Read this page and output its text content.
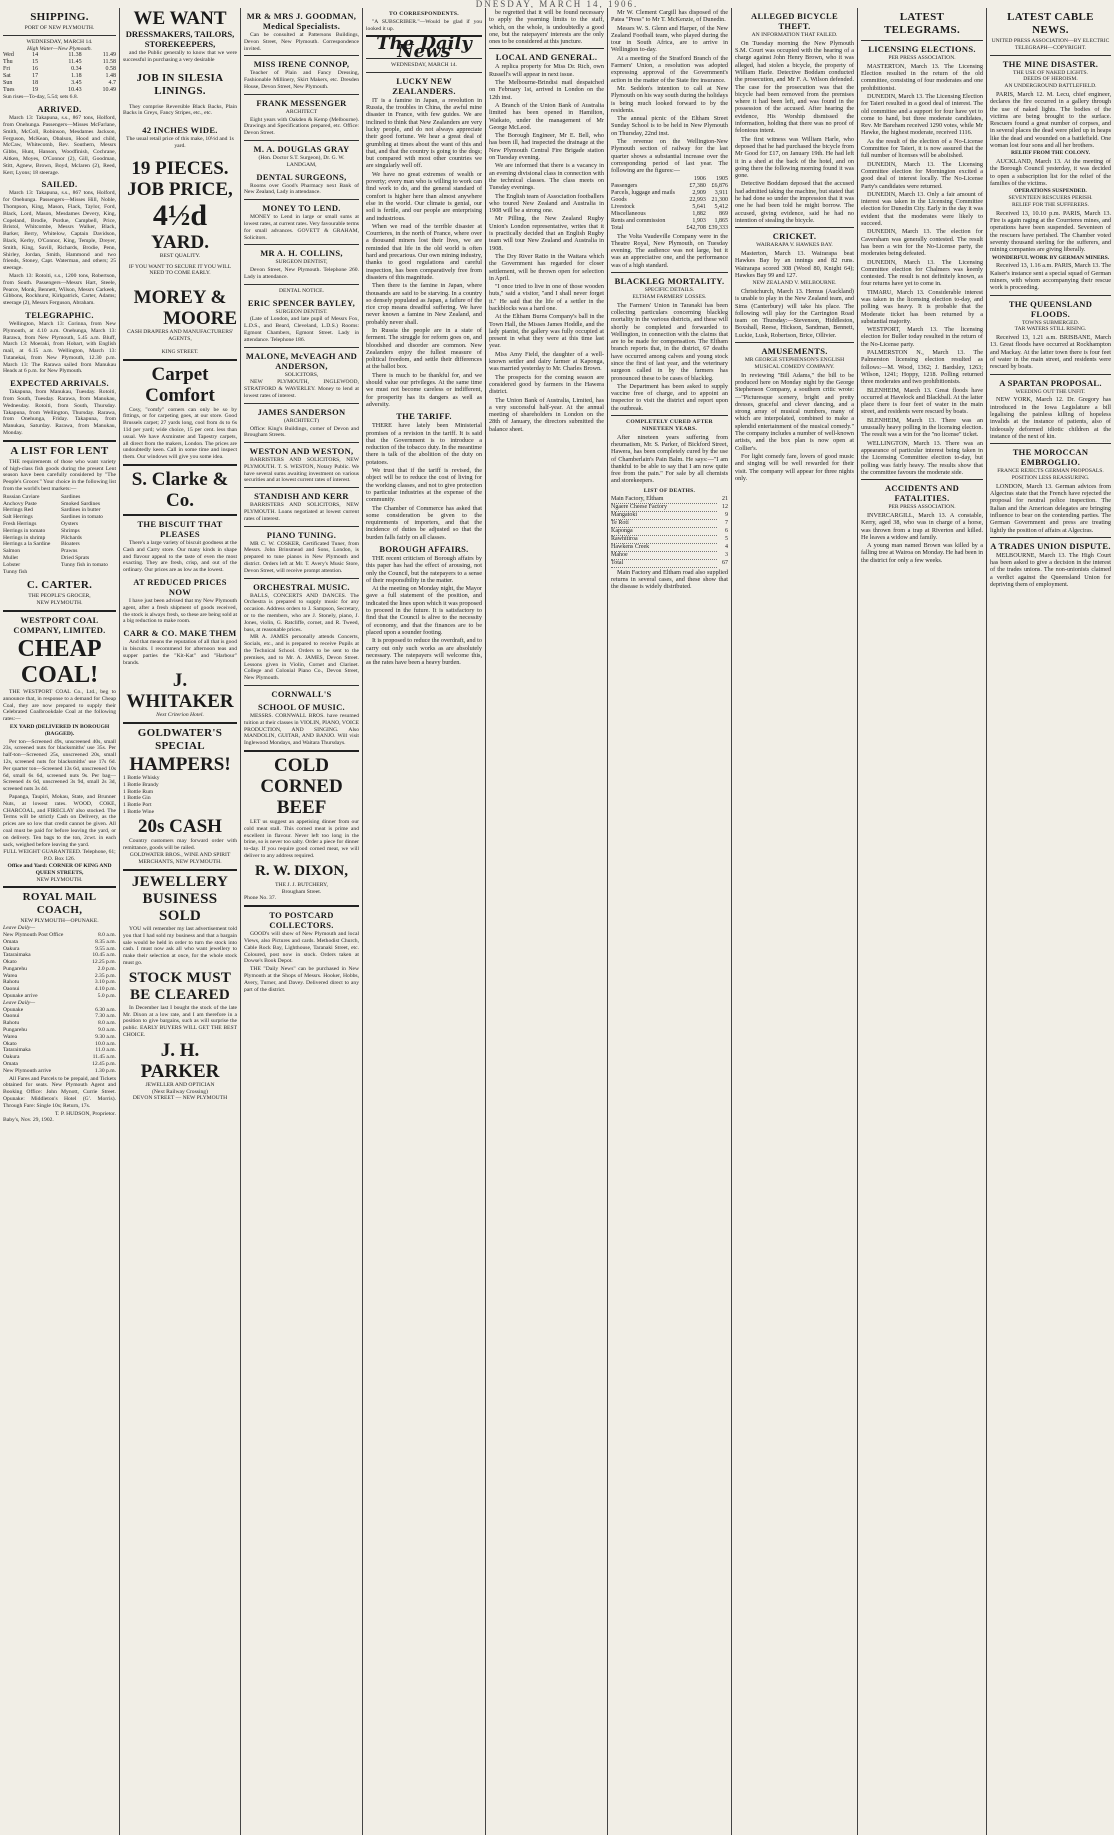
DNESDAY, MARCH 14, 1906.
SHIPPING.
PORT OF NEW PLYMOUTH.
WEDNESDAY, MARCH 14.
High Water—New Plymouth.
Wed	14	11.38	11.49
Thu	15	11.45	11.58
Fri	16	0.34	0.58
Sat	17	1.18	1.48
Sun	18	3.45	4.7
Tues	19	10.43	10.49
Sun rises—To-day, 5.54; sets 6.8.
ARRIVED.

March 13: Takapuna, s.s., 867 tons, Holford, from Onehunga. Passengers—Misses McFarlane, Smith, McColl, Robinson, Mesdames Jackson, Ferguson, McKean, Obalson, Hood and child, McCaw, Whitecomb, Rev. Southern, Messrs Gibbs, Hunt, Hanson, Woodfinish, Cochrane, Aitken, Moyes, O'Connor (2), Gill, Goodman, Stitt, Agnew, Brown, Boyd, Mclaren (2), Reed, Kerr, Lyons; 18 steerage.

SAILED.

March 13: Takapuna, s.s., 867 tons, Holford, for Onehunga. Passengers—Misses Hill, Noble, Thompson, King, Mason, Flack, Taylor, Ford, Black, Lord, Mason, Mesdames Devery, King, Copeland, Brodie, Purdue, Campbell, Price, Bristol, Whitcombe, Messrs Walker, Black, Barker, Berry, Whitelow, Captain Davidson, Black, Kerby, O'Connor, King, Temple, Dreyer, Smith, King, Savill, Richards, Brodie, Penn, Shirley, Jordan, Smith, Hammond and two friends, Stoney, Capt. Waterman, and others; 25 steerage.

March 13: Rotoiti, s.s., 1200 tons, Robertson, from South. Passengers—Messrs Hart, Steele, Pearce, Monk, Bennett, Wilson, Messrs Carkeek, Gibbons, Rockhurst, Kirkpatrick, Carter, Adams; steerage (2), Messrs Ferguson, Abraham.

TELEGRAPHIC.

Wellington, March 13: Corinna, from New Plymouth, at 4.10 a.m. Onehunga, March 13: Rarawa, from New Plymouth, 5.45 a.m. Bluff, March 13: Moeraki, from Hobart, with English mail, at 6.15 a.m. Wellington, March 13: Tutanekai, from New Plymouth, 12.30 p.m. March 13: The Rarawa sailed from Manukau Heads at 6 p.m. for New Plymouth.

EXPECTED ARRIVALS.

Takapuna, from Manukau, Tuesday. Rotoiti, from South, Tuesday. Rarawa, from Manukau, Wednesday. Rotoiti, from South, Thursday. Takapuna, from Wellington, Thursday. Rarawa, from Onehunga, Friday. Takapuna, from Manukau, Saturday. Rarawa, from Manukau, Monday.

A LIST FOR LENT

THE requirements of those who want variety of high-class fish goods during the present Lent season have been carefully considered by "The People's Grocer." Your choice in the following list from the world's best markets:—

Russian Caviare
Anchovy Paste
Herrings Red
Salt Herrings
Fresh Herrings
Herrings in tomato
Herrings in shrimp
Herrings a la Sardine
Salmon
Mullet
Lobster
Tunny fish
Sardines
Smoked Sardines
Sardines in butter
Sardines in tomato
Oysters
Shrimps
Pilchards
Bloaters
Prawns
Dried Sprats
Tunny fish in tomato
C. CARTER.
THE PEOPLE'S GROCER,
NEW PLYMOUTH.
WESTPORT COAL COMPANY, LIMITED.
CHEAP COAL!

THE WESTPORT COAL Co., Ltd., beg to announce that, in response to a demand for Cheap Coal, they are now prepared to supply their Celebrated Coalbrookdale Coal at the following rates:—

EX YARD (DELIVERED IN BOROUGH (BAGGED).

Per ton—Screened 49s, unscreened 40s, small 23s, screened nuts for blacksmiths' use 35s. Per half-ton—Screened 25s, unscreened 20s, small 12s, screened nuts for blacksmiths' use 17s 6d. Per quarter ton—Screened 13s 6d, unscreened 10s 6d, small 6s 6d, screened nuts 9s. Per bag—Screened 4s 6d, unscreened 3s 9d, small 2s 3d, screened nuts 3s 4d.

Papanga, Taupiri, Mokau, State, and Brunner Nuts, at lowest rates. WOOD, COKE, CHARCOAL, and FIRECLAY also stocked. The Terms will be strictly Cash on Delivery, as the prices are so low that credit cannot be given. All coal must be paid for before leaving the yard, or on delivery. Ten bags to the ton, 2cwt. in each sack, weighed before leaving the yard.

FULL WEIGHT GUARANTEED. Telephone, 61; P.O. Box 126.
Office and Yard: CORNER OF KING AND QUEEN STREETS,
NEW PLYMOUTH.
ROYAL MAIL COACH,
NEW PLYMOUTH—OPUNAKE.
Leave Daily—
New Plymouth Post Office	8.0 a.m.
Omata	8.35 a.m.
Oakura	9.55 a.m.
Tataraimaka	10.45 a.m.
Okato	12.25 p.m.
Pungarehu	2.0 p.m.
Warea	2.35 p.m.
Rahotu	3.10 p.m.
Oaonui	4.10 p.m.
Opunake arrive	5.0 p.m.
Leave Daily—
Opunake	6.30 a.m.
Oaonui	7.30 a.m.
Rahotu	8.0 a.m.
Pungarehu	9.0 a.m.
Warea	9.30 a.m.
Okato	10.0 a.m.
Tataraimaka	11.0 a.m.
Oakura	11.45 a.m.
Omata	12.45 p.m.
New Plymouth arrive	1.30 p.m.

All Fares and Parcels to be prepaid, and Tickets obtained for seats. New Plymouth Agent and Booking Office: John Mynott, Currie Street. Opunake: Middleton's Hotel (G'. Morris). Through Fare: Single 10s; Return, 17s.

T. P. HUDSON, Proprietor.
Baby's, Nov. 29, 1902.
WE WANT
DRESSMAKERS, TAILORS, STOREKEEPERS,

and the Public generally to know that we were successful in purchasing a very desirable

JOB IN SILESIA LININGS.

They comprise Reversible Black Backs, Plain Backs in Greys, Fancy Stripes, etc., etc.

42 INCHES WIDE.
The usual retail price of this make, 10½d and 1s yard.
19 PIECES.
JOB PRICE,
4½d
YARD.
BEST QUALITY.
IF YOU WANT TO SECURE IT YOU WILL NEED TO COME EARLY.
MOREY &
MOORE
CASH DRAPERS AND MANUFACTURERS' AGENTS,
KING STREET.
Carpet Comfort

Cosy, "comfy" corners can only be so by fittings, or for carpeting goes, at our store. Good Brussels carpet; 27 yards long, cool from 4s to 6s 11d per yard; wide choice, 15 per cent. less than usual. We have Axminster and Tapestry carpets, all direct from the makers, London. The prices are undoubtedly keen. Call in some time and inspect them. Our windows will give you some idea.

S. Clarke & Co.
THE BISCUIT THAT PLEASES

There's a large variety of biscuit goodness at the Cash and Carry store. Our many kinds in shape and flavour appeal to the taste of even the most exacting. They are fresh, crisp, and out of the ordinary. Our prices are as low as the lowest.

AT REDUCED PRICES NOW

I have just been advised that my New Plymouth agent, after a fresh shipment of goods received, the stock is always fresh, so these are being sold at a big reduction to make room.

CARR & CO. MAKE THEM

And that means the reputation of all that is good in biscuits. I recommend for afternoon teas and supper parties the "Kit-Kat" and "Harbour" brands.

J. WHITAKER
Next Criterion Hotel.
GOLDWATER'S SPECIAL
HAMPERS!
1 Bottle Whisky
1 Bottle Brandy
1 Bottle Rum
1 Bottle Gin
1 Bottle Port
1 Bottle Wine
20s CASH

Country customers may forward order with remittance, goods will be railed.

GOLDWATER BROS., WINE AND SPIRIT MERCHANTS, NEW PLYMOUTH.
JEWELLERY BUSINESS SOLD

YOU will remember my last advertisement told you that I had sold my business and that a bargain sale would be held in order to turn the stock into cash. I must now ask all who want jewellery to make their selection at once, for the whole stock must go.

STOCK MUST BE CLEARED

In December last I bought the stock of the late Mr. Dixon at a low rate, and I am therefore in a position to give bargains, such as will surprise the public. EARLY BUYERS WILL GET THE BEST CHOICE.

J. H. PARKER
JEWELLER AND OPTICIAN
(Next Railway Crossing)
DEVON STREET — NEW PLYMOUTH
MR & MRS J. GOODMAN, Medical Specialists.

Can be consulted at Pattersons Buildings, Devon Street, New Plymouth. Correspondence invited.

MISS IRENE CONNOP,

Teacher of Plain and Fancy Dressing, Fashionable Millinery, Skirt Makers, etc. Dresden House, Devon Street, New Plymouth.

FRANK MESSENGER
ARCHITECT

Eight years with Oakden & Kemp (Melbourne). Drawings and Specifications prepared, etc. Office: Devon Street.

M. A. DOUGLAS GRAY
(Hon. Doctor S.T. Surgeon), Dr. G. W. LANDGAM,
DENTAL SURGEONS,

Rooms over Good's Pharmacy next Bank of New Zealand, Lady in attendance.

MONEY TO LEND.

MONEY to Lend in large or small sums at lowest rates, at current rates. Very favourable terms for small advances. GOVETT & GRAHAM, Solicitors.

MR A. H. COLLINS,
SURGEON DENTIST,

Devon Street, New Plymouth. Telephone 260. Lady in attendance.

DENTAL NOTICE.
ERIC SPENCER BAYLEY,
SURGEON DENTIST.

(Late of London, and late pupil of Messrs Fox, L.D.S., and Beard, Cleveland, L.D.S.) Rooms: Egmont Chambers, Egmont Street. Lady in attendance. Telephone 186.

MALONE, McVEAGH AND ANDERSON,
SOLICITORS,

NEW PLYMOUTH, INGLEWOOD, STRATFORD & WAVERLEY. Money to lend at lowest rates of interest.

JAMES SANDERSON
(ARCHITECT)

Office: King's Buildings, corner of Devon and Brougham Streets.

WESTON AND WESTON,

BARRISTERS AND SOLICITORS, NEW PLYMOUTH. T. S. WESTON, Notary Public. We have several sums awaiting investment on various securities and at lowest current rates of interest.

STANDISH AND KERR

BARRISTERS AND SOLICITORS, NEW PLYMOUTH. Loans negotiated at lowest current rates of interest.

PIANO TUNING.

MR C. W. COSKER, Certificated Tuner, from Messrs. John Brinsmead and Sons, London, is prepared to tune pianos in New Plymouth and district. Orders left at Mr. T. Avery's Music Store, Devon Street, will receive prompt attention.

ORCHESTRAL MUSIC.

BALLS, CONCERTS AND DANCES. The Orchestra is prepared to supply music for any occasion. Address orders to J. Sampson, Secretary, or to the members, who are J. Stonely, piano, J. Jones, violin, G. Ratcliffe, cornet, and R. Tweed, bass, at reasonable prices.

MR A. JAMES personally attends Concerts, Socials, etc., and is prepared to receive Pupils at the Technical School. Orders to be sent to the premises, and to Mr. A. JAMES, Devon Street. Lessons given in Violin, Cornet and Clarinet. College and Colonial Piano Co., Devon Street, New Plymouth.

CORNWALL'S
SCHOOL OF MUSIC.

MESSRS. CORNWALL BROS. have resumed tuition at their classes in VIOLIN, PIANO, VOICE PRODUCTION, AND SINGING. Also MANDOLIN, GUITAR, AND BANJO. Will visit Inglewood Mondays, and Waitara Thursdays.

COLD
CORNED BEEF

LET us suggest an appetising dinner from our cold meat stall. This corned meat is prime and excellent in flavour. Never left too long in the brine, so is never too salty. Order a piece for dinner to-day. If you require good corned meat, we will deliver to any address required.

R. W. DIXON,
THE J. J. BUTCHERY,
Brougham Street.
Phone No. 37.
TO POSTCARD COLLECTORS.

GOOD's will show of New Plymouth and local Views, also Pictures and cards. Methodist Church, Cable Rock Bay, Lighthouse, Taranaki Street, etc. Coloured, post now in stock. Orders taken at Dowse's Book Depot.

THE "Daily News" can be purchased in New Plymouth at the Shops of Messrs. Hooker, Hobbs, Avery, Turner, and Davey. Delivered direct to any part of the district.

TO CORRESPONDENTS.

"A SUBSCRIBER."—Would be glad if you looked it up.

The Daily News
WEDNESDAY, MARCH 14.
LUCKY NEW ZEALANDERS.

IT is a famine in Japan, a revolution in Russia, the troubles in China, the awful mine disaster in France, with few guides. We are inclined to think that New Zealanders are very lucky people, and do not always appreciate their good fortune. We hear a great deal of grumbling at times about the want of this and that, and that the country is going to the dogs; but compared with most other countries we are singularly well off.

We have no great extremes of wealth or poverty; every man who is willing to work can find work to do, and the general standard of comfort is higher here than almost anywhere else in the world. Our climate is genial, our soil is fertile, and our people are enterprising and industrious.

When we read of the terrible disaster at Courrieres, in the north of France, where over a thousand miners lost their lives, we are reminded that life in the old world is often hard and precarious. Our own mining industry, thanks to good regulations and careful inspection, has been comparatively free from disasters of this magnitude.

Then there is the famine in Japan, where thousands are said to be starving. In a country so densely populated as Japan, a failure of the rice crop means dreadful suffering. We have never known a famine in New Zealand, and probably never shall.

In Russia the people are in a state of ferment. The struggle for reform goes on, and bloodshed and disorder are common. New Zealanders enjoy the fullest measure of political freedom, and settle their differences at the ballot box.

There is much to be thankful for, and we should value our privileges. At the same time we must not become careless or indifferent, for prosperity has its dangers as well as adversity.

THE TARIFF.

THERE have lately been Ministerial promises of a revision in the tariff. It is said that the Government is to introduce a reduction of the tobacco duty. In the meantime there is talk of the abolition of the duty on potatoes.

We trust that if the tariff is revised, the object will be to reduce the cost of living for the working classes, and not to give protection to particular industries at the expense of the community.

The Chamber of Commerce has asked that some consideration be given to the requirements of importers, and that the incidence of duties be adjusted so that the burden falls fairly on all classes.

BOROUGH AFFAIRS.

THE recent criticism of Borough affairs by this paper has had the effect of arousing, not only the Council, but the ratepayers to a sense of their responsibility in the matter.

At the meeting on Monday night, the Mayor gave a full statement of the position, and indicated the lines upon which it was proposed to proceed in the future. It is satisfactory to find that the Council is alive to the necessity of economy, and that the finances are to be placed upon a sounder footing.

It is proposed to reduce the overdraft, and to carry out only such works as are absolutely necessary. The ratepayers will welcome this, as the rates have been a heavy burden.

be regretted that it will be found necessary to apply the yearning limits to the staff, which, on the whole, is undoubtedly a good one, but the ratepayers' interests are the only ones to be considered at this juncture.

LOCAL AND GENERAL.

A replica property for Miss Dr. Rich, own Russell's will appear in next issue.

The Melbourne-Brindisi mail despatched on February 1st, arrived in London on the 12th inst.

A Branch of the Union Bank of Australia limited has been opened in Hamilton, Waikato, under the management of Mr George McLeod.

The Borough Engineer, Mr E. Bell, who has been ill, had inspected the drainage at the New Plymouth Central Fire Brigade station on Tuesday evening.

We are informed that there is a vacancy in an evening divisional class in connection with the technical classes. The class meets on Tuesday evenings.

The English team of Association footballers who toured New Zealand and Australia in 1908 will be a strong one.

Mr Pilling, the New Zealand Rugby Union's London representative, writes that it is practically decided that an English Rugby team will tour New Zealand and Australia in 1908.

The Dry River Ratio in the Waitara which the Government has regarded for closer settlement, will be thrown open for selection in April.

"I once tried to live in one of those wooden huts," said a visitor, "and I shall never forget it." He said that the life of a settler in the backblocks was a hard one.

At the Eltham Burns Company's ball in the Town Hall, the Misses James Hoddle, and the lady pianist, the gallery was fully occupied at present in what they were at this time last year.

Miss Amy Field, the daughter of a well-known settler and dairy farmer at Kaponga, was married yesterday to Mr. Charles Brown.

The prospects for the coming season are considered good by farmers in the Hawera district.

The Union Bank of Australia, Limited, has a very successful half-year. At the annual meeting of shareholders in London on the 28th of January, the directors submitted the balance sheet.

Mr W. Clement Cargill has disposed of the Patea "Press" to Mr T. McKenzie, of Dunedin.

Messrs W. S. Glenn and Harper, of the New Zealand Football team, who played during the tour in South Africa, are to arrive in Wellington to-day.

At a meeting of the Stratford Branch of the Farmers' Union, a resolution was adopted expressing approval of the Government's action in the matter of the State fire insurance.

Mr. Seddon's intention to call at New Plymouth on his way south during the holidays is being much looked forward to by the residents.

The annual picnic of the Eltham Street Sunday School is to be held in New Plymouth on Thursday, 22nd inst.

The revenue on the Wellington-New Plymouth section of railway for the last quarter shows a substantial increase over the corresponding period of last year. The following are the figures:—

	1906	1905
Passengers	£7,380	£6,876
Parcels, luggage and mails	2,909	3,911
Goods	22,993	21,300
Livestock	5,641	5,412
Miscellaneous	1,882	869
Rents and commission	1,903	1,865
Total	£42,708	£39,333

The Volta Vaudeville Company were in the Theatre Royal, New Plymouth, on Tuesday evening. The audience was not large, but it was an appreciative one, and the performance was of a high standard.

BLACKLEG MORTALITY.
SPECIFIC DETAILS.
ELTHAM FARMERS' LOSSES.

The Farmers' Union in Taranaki has been collecting particulars concerning blackleg mortality in the various districts, and these will shortly be completed and forwarded to Wellington, in connection with the claims that are to be made for compensation. The Eltham branch reports that, in the district, 67 deaths have occurred among calves and young stock since the first of last year, and the veterinary surgeon called in by the farmers has pronounced these to be cases of blackleg.

The Department has been asked to supply vaccine free of charge, and to appoint an inspector to visit the district and report upon the outbreak.

COMPLETELY CURED AFTER NINETEEN YEARS.

After nineteen years suffering from rheumatism, Mr. S. Parker, of Bickford Street, Hawera, has been completely cured by the use of Chamberlain's Pain Balm. He says:—"I am thankful to be able to say that I am now quite free from the pain." For sale by all chemists and storekeepers.

LIST OF DEATHS.
Main Factory, Eltham	21
Ngaere Cheese Factory	12
Mangatoki	9
Te Roti	7
Kaponga	6
Rawhitiroa	5
Hawkens Creek	4
Mahoe	3
Total	67

Main Factory and Eltham road also supplied returns in several cases, and these show that the disease is widely distributed.

ALLEGED BICYCLE THEFT.
AN INFORMATION THAT FAILED.

On Tuesday morning the New Plymouth S.M. Court was occupied with the hearing of a charge against John Henry Brown, who it was alleged, had stolen a bicycle, the property of William Harle. Detective Boddam conducted the prosecution, and Mr F. A. Wilson defended. The case for the prosecution was that the bicycle had been removed from the premises where it had been left, and was found in the possession of the accused. After hearing the evidence, His Worship dismissed the information, holding that there was no proof of felonious intent.

The first witness was William Harle, who deposed that he had purchased the bicycle from Mr Good for £17, on January 19th. He had left it in a shed at the back of the hotel, and on going there the following morning found it was gone.

Detective Boddam deposed that the accused had admitted taking the machine, but stated that he had done so under the impression that it was one he had been told he might borrow. The accused, giving evidence, said he had no intention of stealing the bicycle.

CRICKET.
WAIRARAPA V. HAWKES BAY.

Masterton, March 13. Wairarapa beat Hawkes Bay by an innings and 82 runs. Wairarapa scored 308 (Wood 80, Knight 64); Hawkes Bay 99 and 127.

NEW ZEALAND V. MELBOURNE.

Christchurch, March 13. Hemus (Auckland) is unable to play in the New Zealand team, and Sims (Canterbury) will take his place. The following will play for the Carrington Road team on Thursday:—Stevenson, Hiddleston, Boxshall, Reese, Hickson, Sandman, Bennett, Luckie, Lusk, Robertson, Brice, Ollivier.

AMUSEMENTS.
MR GEORGE STEPHENSON'S ENGLISH MUSICAL COMEDY COMPANY.

In reviewing "Bill Adams," the bill to be produced here on Monday night by the George Stephenson Company, a southern critic wrote:—"Picturesque scenery, bright and pretty dresses, graceful and clever dancing, and a strong array of musical numbers, many of which are interpolated, combined to make a splendid entertainment of the musical comedy." The company includes a number of well-known artists, and the box plan is now open at Collier's.

For light comedy fare, lovers of good music and singing will be well rewarded for their visit. The company will appear for three nights only.

LATEST TELEGRAMS.
LICENSING ELECTIONS.
PER PRESS ASSOCIATION.

MASTERTON, March 13. The Licensing Election resulted in the return of the old committee, consisting of four moderates and one prohibitionist.

DUNEDIN, March 13. The Licensing Election for Taieri resulted in a good deal of interest. The old committee and a support for four have yet to come to hand, but three moderate candidates, Rev. Mr Bareham received 1290 votes, while Mr Hawke, the highest moderate, received 1116.

As the result of the election of a No-License Committee for Taieri, it is now assured that the full number of licenses will be abolished.

DUNEDIN, March 13. The Licensing Committee election for Mornington excited a good deal of interest locally. The No-License Party's candidates were returned.

DUNEDIN, March 13. Only a fair amount of interest was taken in the Licensing Committee election for Dunedin City. Early in the day it was evident that the moderates were likely to succeed.

DUNEDIN, March 13. The election for Caversham was generally contested. The result has been a win for the No-License party, the moderates being defeated.

DUNEDIN, March 13. The Licensing Committee election for Chalmers was keenly contested. The result is not definitely known, as four returns have yet to come in.

TIMARU, March 13. Considerable interest was taken in the licensing election to-day, and polling was heavy. It is probable that the Moderate ticket has been returned by a substantial majority.

WESTPORT, March 13. The licensing election for Buller today resulted in the return of the No-License party.

PALMERSTON N., March 13. The Palmerston licensing election resulted as follows:—M. Wood, 1362; J. Bardsley, 1263; Wilson, 1241; Hoppy, 1218. Polling returned three moderates and two prohibitionists.

BLENHEIM, March 13. Great floods have occurred at Havelock and Blackball. At the latter place there is four feet of water in the main street, and residents were rescued by boats.

BLENHEIM, March 13. There was an unusually heavy polling in the licensing election. The result was a win for the "no license" ticket.

WELLINGTON, March 13. There was an appearance of particular interest being taken in the Licensing Committee election to-day, but polling was fairly heavy. The results show that the committee favours the moderate side.

ACCIDENTS AND FATALITIES.
PER PRESS ASSOCIATION.

INVERCARGILL, March 13. A constable, Kerry, aged 38, who was in charge of a horse, was thrown from a trap at Riverton and killed. He leaves a widow and family.

A young man named Brown was killed by a falling tree at Wairoa on Monday. He had been in the district for only a few weeks.

LATEST CABLE NEWS.
UNITED PRESS ASSOCIATION—BY ELECTRIC TELEGRAPH—COPYRIGHT.
THE MINE DISASTER.
THE USE OF NAKED LIGHTS.
DEEDS OF HEROISM.
AN UNDERGROUND BATTLEFIELD.

PARIS, March 12. M. Lecu, chief engineer, declares the fire occurred in a gallery through the use of naked lights. The bodies of the victims are being brought to the surface. Rescuers found a great number of corpses, and in several places the dead were piled up in heaps like the dead and wounded on a battlefield. One woman lost four sons and all her brothers.

RELIEF FROM THE COLONY.

AUCKLAND, March 13. At the meeting of the Borough Council yesterday, it was decided to open a subscription list for the relief of the families of the victims.

OPERATIONS SUSPENDED.
SEVENTEEN RESCUERS PERISH.
RELIEF FOR THE SUFFERERS.

Received 13, 10.10 p.m. PARIS, March 13. Fire is again raging at the Courrieres mines, and operations have been suspended. Seventeen of the rescuers have perished. The Chamber voted seventy thousand sterling for the sufferers, and mining companies are giving liberally.

WONDERFUL WORK BY GERMAN MINERS.

Received 13, 1.16 a.m. PARIS, March 13. The Kaiser's instance sent a special squad of German miners, with whom accompanying their rescue work is proceeding.

THE QUEENSLAND FLOODS.
TOWNS SUBMERGED.
TAR WATERS STILL RISING.

Received 13, 1.21 a.m. BRISBANE, March 13. Great floods have occurred at Rockhampton and Mackay. At the latter town there is four feet of water in the main street, and residents were rescued by boats.

A SPARTAN PROPOSAL.
WEEDING OUT THE UNFIT.

NEW YORK, March 12. Dr. Gregory has introduced in the Iowa Legislature a bill legalising the painless killing of hopeless invalids at the instance of patients, also of hideously deformed idiotic children at the instance of the next of kin.

THE MOROCCAN EMBROGLIO.
FRANCE REJECTS GERMAN PROPOSALS.
POSITION LESS REASSURING.

LONDON, March 13. German advices from Algeciras state that the French have rejected the proposal for neutral police inspection. The Italian and the American delegates are bringing influence to bear on the contending parties. The German Government and press are treating lightly the position of affairs at Algeciras.

A TRADES UNION DISPUTE.

MELBOURNE, March 13. The High Court has been asked to give a decision in the interest of the trades unions. The non-unionists claimed a verdict against the Queensland Union for depriving them of employment.
